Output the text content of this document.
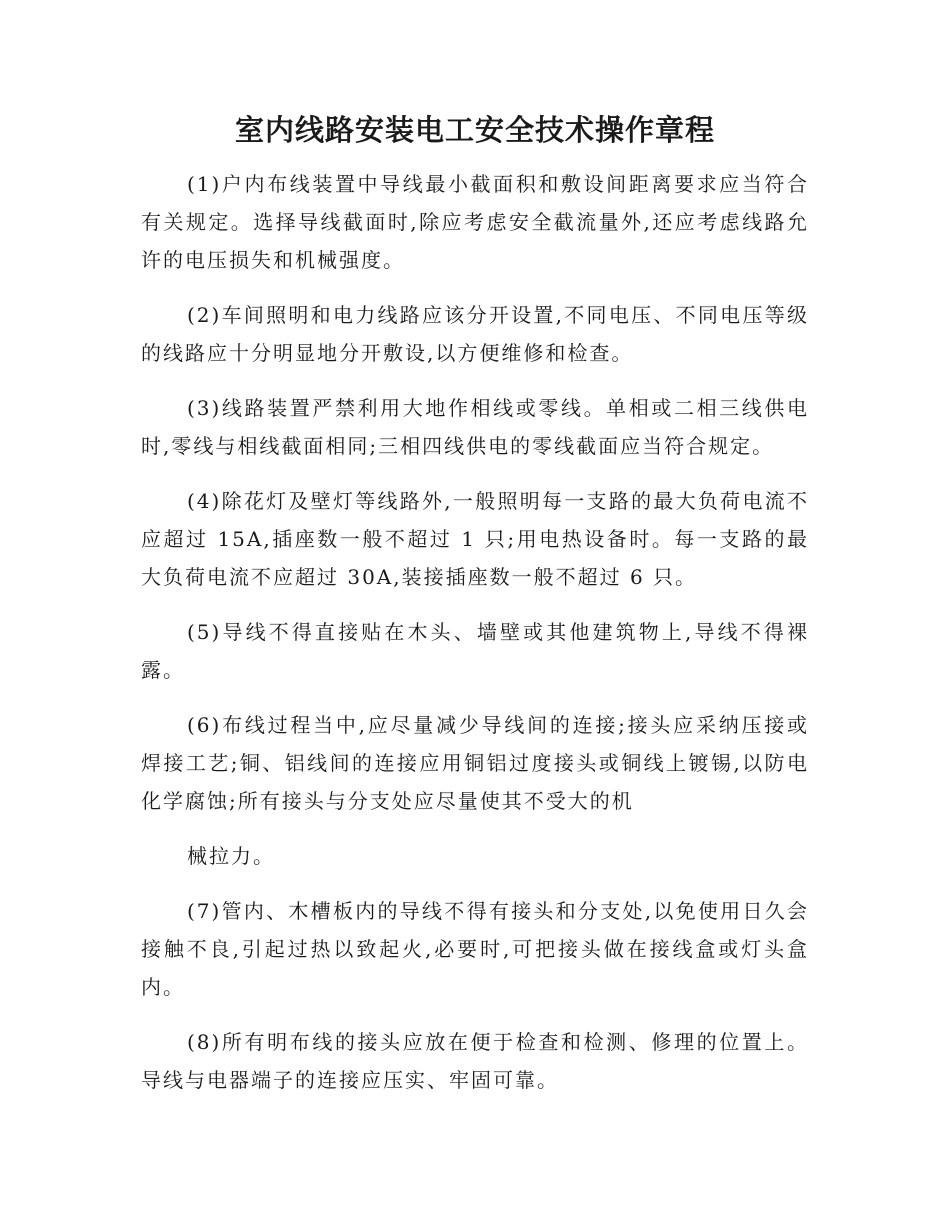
室内线路安装电工安全技术操作章程

(1)户内布线装置中导线最小截面积和敷设间距离要求应当符合有关规定。选择导线截面时,除应考虑安全截流量外,还应考虑线路允许的电压损失和机械强度。

(2)车间照明和电力线路应该分开设置,不同电压、不同电压等级的线路应十分明显地分开敷设,以方便维修和检查。

(3)线路装置严禁利用大地作相线或零线。单相或二相三线供电时,零线与相线截面相同;三相四线供电的零线截面应当符合规定。

(4)除花灯及壁灯等线路外,一般照明每一支路的最大负荷电流不应超过 15A,插座数一般不超过 1 只;用电热设备时。每一支路的最大负荷电流不应超过 30A,装接插座数一般不超过 6 只。

(5)导线不得直接贴在木头、墙壁或其他建筑物上,导线不得裸露。

(6)布线过程当中,应尽量减少导线间的连接;接头应采纳压接或焊接工艺;铜、铝线间的连接应用铜铝过度接头或铜线上镀锡,以防电化学腐蚀;所有接头与分支处应尽量使其不受大的机

械拉力。

(7)管内、木槽板内的导线不得有接头和分支处,以免使用日久会接触不良,引起过热以致起火,必要时,可把接头做在接线盒或灯头盒内。

(8)所有明布线的接头应放在便于检查和检测、修理的位置上。导线与电器端子的连接应压实、牢固可靠。
